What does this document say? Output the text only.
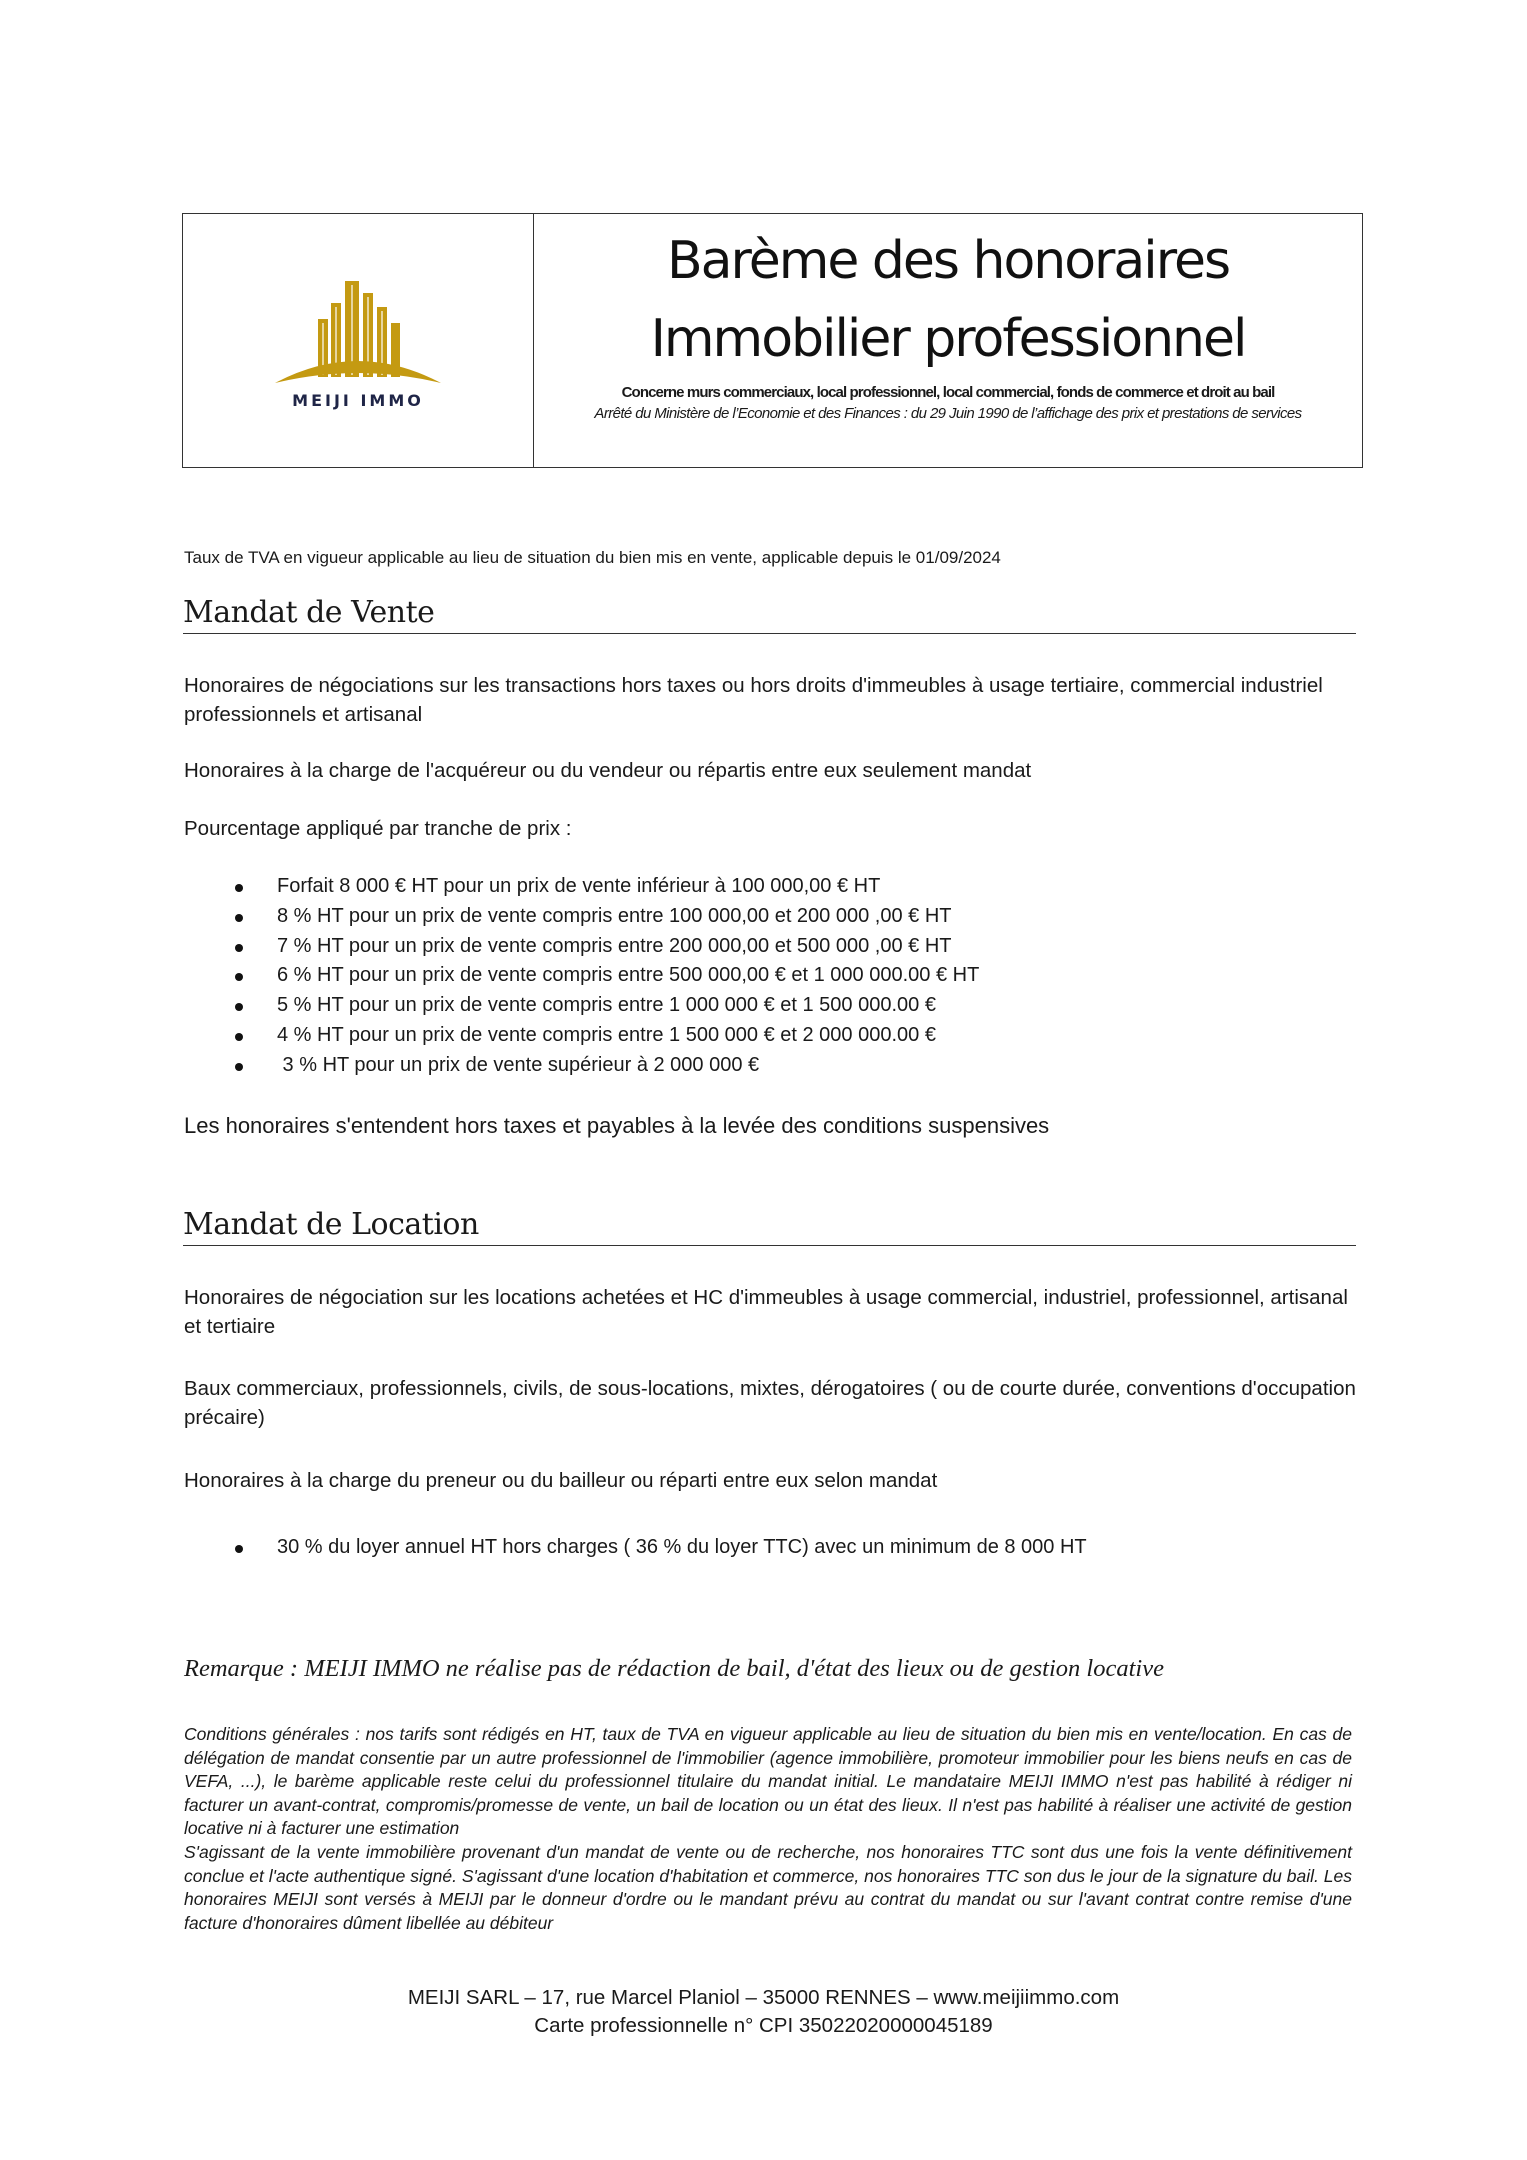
MEIJI IMMO
Barème des honoraires
Immobilier professionnel
Concerne murs commerciaux, local professionnel, local commercial, fonds de commerce et droit au bail
Arrêté du Ministère de l’Economie et des Finances : du 29 Juin 1990 de l’affichage des prix et prestations de services
Taux de TVA en vigueur applicable au lieu de situation du bien mis en vente, applicable depuis le 01/09/2024
Mandat de Vente
Honoraires de négociations sur les transactions hors taxes ou hors droits d'immeubles à usage tertiaire, commercial industriel professionnels et artisanal
Honoraires à la charge de l'acquéreur ou du vendeur ou répartis entre eux seulement mandat
Pourcentage appliqué par tranche de prix :
Forfait 8 000 € HT pour un prix de vente inférieur à 100 000,00 € HT
8 % HT pour un prix de vente compris entre 100 000,00 et 200 000 ,00 € HT
7 % HT pour un prix de vente compris entre 200 000,00 et 500 000 ,00 € HT
6 % HT pour un prix de vente compris entre 500 000,00 € et 1 000 000.00 € HT
5 % HT pour un prix de vente compris entre 1 000 000 € et 1 500 000.00 €
4 % HT pour un prix de vente compris entre 1 500 000 € et 2 000 000.00 €
3 % HT pour un prix de vente supérieur à 2 000 000 €
Les honoraires s'entendent hors taxes et payables à la levée des conditions suspensives
Mandat de Location
Honoraires de négociation sur les locations achetées et HC d'immeubles à usage commercial, industriel, professionnel, artisanal et tertiaire
Baux commerciaux, professionnels, civils, de sous-locations, mixtes, dérogatoires ( ou de courte durée, conventions d'occupation précaire)
Honoraires à la charge du preneur ou du bailleur ou réparti entre eux selon mandat
30 % du loyer annuel HT hors charges ( 36 % du loyer TTC) avec un minimum de 8 000 HT
Remarque : MEIJI IMMO ne réalise pas de rédaction de bail, d'état des lieux ou de gestion locative
Conditions générales : nos tarifs sont rédigés en HT, taux de TVA en vigueur applicable au lieu de situation du bien mis en vente/location. En cas de délégation de mandat consentie par un autre professionnel de l'immobilier (agence immobilière, promoteur immobilier pour les biens neufs en cas de VEFA, ...), le barème applicable reste celui du professionnel titulaire du mandat initial. Le mandataire MEIJI IMMO n'est pas habilité à rédiger ni facturer un avant-contrat, compromis/promesse de vente, un bail de location ou un état des lieux. Il n'est pas habilité à réaliser une activité de gestion locative ni à facturer une estimation
S'agissant de la vente immobilière provenant d'un mandat de vente ou de recherche, nos honoraires TTC sont dus une fois la vente définitivement conclue et l'acte authentique signé. S'agissant d'une location d'habitation et commerce, nos honoraires TTC son dus le jour de la signature du bail. Les honoraires MEIJI sont versés à MEIJI par le donneur d'ordre ou le mandant prévu au contrat du mandat ou sur l'avant contrat contre remise d'une facture d'honoraires dûment libellée au débiteur
MEIJI SARL – 17, rue Marcel Planiol – 35000 RENNES – www.meijiimmo.com
Carte professionnelle n° CPI 35022020000045189
